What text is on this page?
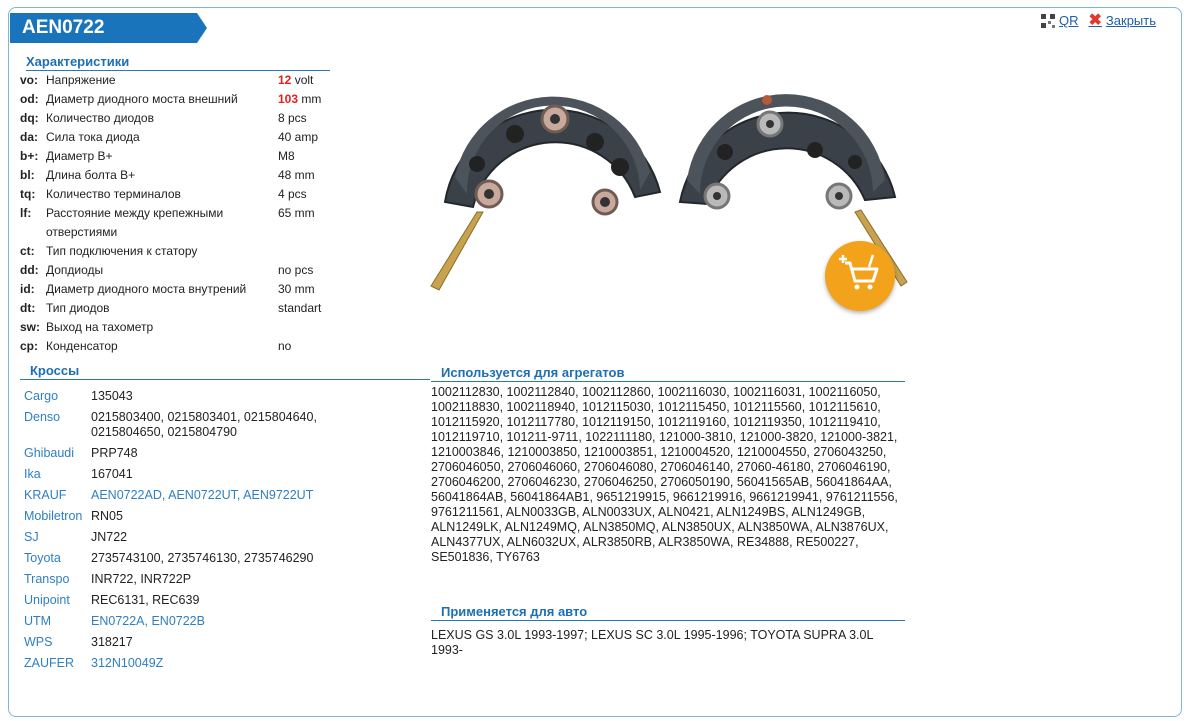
AEN0722	QR ✖ Закрыть
Характеристики
vo:	Напряжение	12 volt
od:	Диаметр диодного моста внешний	103 mm
dq:	Количество диодов	8 pcs
da:	Сила тока диода	40 amp
b+:	Диаметр B+	M8
bl:	Длина болта B+	48 mm
tq:	Количество терминалов	4 pcs
lf:	Расстояние между крепежными отверстиями	65 mm
ct:	Тип подключения к статору	
dd:	Допдиоды	no pcs
id:	Диаметр диодного моста внутрений	30 mm
dt:	Тип диодов	standart
sw:	Выход на тахометр	
cp:	Конденсатор	no
Кроссы
Cargo	135043
Denso	0215803400, 0215803401, 0215804640, 0215804650, 0215804790
Ghibaudi	PRP748
Ika	167041
KRAUF	AEN0722AD, AEN0722UT, AEN9722UT
Mobiletron	RN05
SJ	JN722
Toyota	2735743100, 2735746130, 2735746290
Transpo	INR722, INR722P
Unipoint	REC6131, REC639
UTM	EN0722A, EN0722B
WPS	318217
ZAUFER	312N10049Z
Используется для агрегатов
1002112830, 1002112840, 1002112860, 1002116030, 1002116031, 1002116050, 1002118830, 1002118940, 1012115030, 1012115450, 1012115560, 1012115610, 1012115920, 1012117780, 1012119150, 1012119160, 1012119350, 1012119410, 1012119710, 101211-9711, 1022111180, 121000-3810, 121000-3820, 121000-3821, 1210003846, 1210003850, 1210003851, 1210004520, 1210004550, 2706043250, 2706046050, 2706046060, 2706046080, 2706046140, 27060-46180, 2706046190, 2706046200, 2706046230, 2706046250, 2706050190, 56041565AB, 56041864AA, 56041864AB, 56041864AB1, 9651219915, 9661219916, 9661219941, 9761211556, 9761211561, ALN0033GB, ALN0033UX, ALN0421, ALN1249BS, ALN1249GB, ALN1249LK, ALN1249MQ, ALN3850MQ, ALN3850UX, ALN3850WA, ALN3876UX, ALN4377UX, ALN6032UX, ALR3850RB, ALR3850WA, RE34888, RE500227, SE501836, TY6763
Применяется для авто
LEXUS GS 3.0L 1993-1997; LEXUS SC 3.0L 1995-1996; TOYOTA SUPRA 3.0L 1993-
